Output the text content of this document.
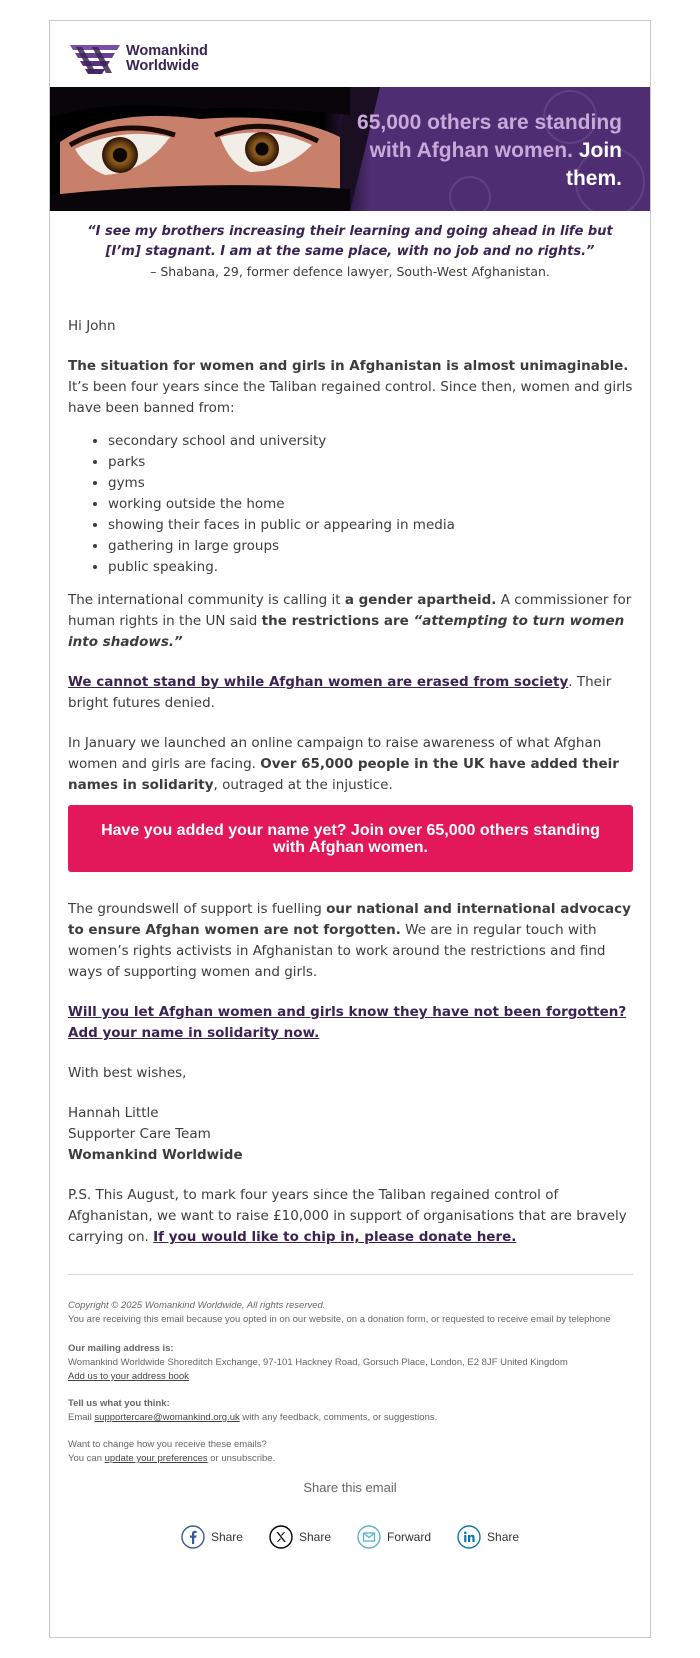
Womankind
Worldwide
65,000 others are standing with Afghan women. Join them.
“I see my brothers increasing their learning and going ahead in life but [I’m] stagnant. I am at the same place, with no job and no rights.”
– Shabana, 29, former defence lawyer, South-West Afghanistan.

Hi John

The situation for women and girls in Afghanistan is almost unimaginable. It’s been four years since the Taliban regained control. Since then, women and girls have been banned from:

• secondary school and university
• parks
• gyms
• working outside the home
• showing their faces in public or appearing in media
• gathering in large groups
• public speaking.

The international community is calling it a gender apartheid. A commissioner for human rights in the UN said the restrictions are “attempting to turn women into shadows.”

We cannot stand by while Afghan women are erased from society. Their bright futures denied.

In January we launched an online campaign to raise awareness of what Afghan women and girls are facing. Over 65,000 people in the UK have added their names in solidarity, outraged at the injustice.

Have you added your name yet? Join over 65,000 others standing with Afghan women.

The groundswell of support is fuelling our national and international advocacy to ensure Afghan women are not forgotten. We are in regular touch with women’s rights activists in Afghanistan to work around the restrictions and find ways of supporting women and girls.

Will you let Afghan women and girls know they have not been forgotten? Add your name in solidarity now.

With best wishes,

Hannah Little

Supporter Care Team

Womankind Worldwide

P.S. This August, to mark four years since the Taliban regained control of Afghanistan, we want to raise £10,000 in support of organisations that are bravely carrying on. If you would like to chip in, please donate here.

Copyright © 2025 Womankind Worldwide, All rights reserved.

You are receiving this email because you opted in on our website, on a donation form, or requested to receive email by telephone

Our mailing address is:

Womankind Worldwide Shoreditch Exchange, 97-101 Hackney Road, Gorsuch Place, London, E2 8JF United Kingdom

Add us to your address book

Tell us what you think:

Email supportercare@womankind.org.uk with any feedback, comments, or suggestions.

Want to change how you receive these emails?

You can update your preferences or unsubscribe.

Share this email
Share	Share	Forward	Share
